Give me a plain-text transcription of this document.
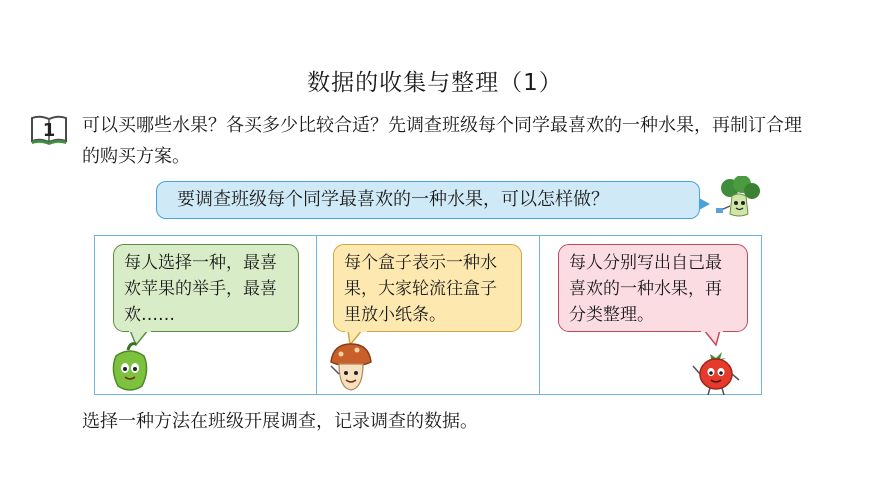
数据的收集与整理（1）
1 可以买哪些水果？各买多少比较合适？先调查班级每个同学最喜欢的一种水果，再制订合理的购买方案。
要调查班级每个同学最喜欢的一种水果，可以怎样做？
每人选择一种，最喜欢苹果的举手，最喜欢……
每个盒子表示一种水果，大家轮流往盒子里放小纸条。
每人分别写出自己最喜欢的一种水果，再分类整理。
选择一种方法在班级开展调查，记录调查的数据。
